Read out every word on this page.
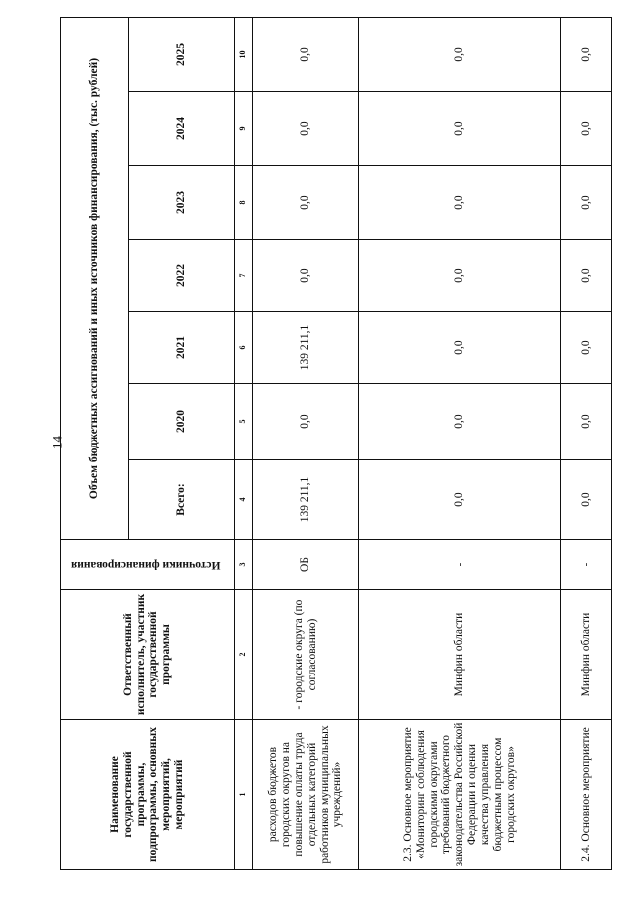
14
Наименование государственной программы, подпрограммы, основных мероприятий, мероприятий	Ответственный исполнитель, участник государственной программы	Источники финансирования	Объем бюджетных ассигнований и иных источников финансирования, (тыс. рублей)						
			Всего:	2020	2021	2022	2023	2024	2025
1	2	3	4	5	6	7	8	9	10
расходов бюджетов городских округов на повышение оплаты труда отдельных категорий работников муниципальных учреждений»	- городские округа (по согласованию)	ОБ	139 211,1	0,0	139 211,1	0,0	0,0	0,0	0,0
2.3. Основное мероприятие «Мониторинг соблюдения городскими округами требований бюджетного законодательства Российской Федерации и оценки качества управления бюджетным процессом городских округов»	Минфин области	-	0,0	0,0	0,0	0,0	0,0	0,0	0,0
2.4. Основное мероприятие	Минфин области	-	0,0	0,0	0,0	0,0	0,0	0,0	0,0
